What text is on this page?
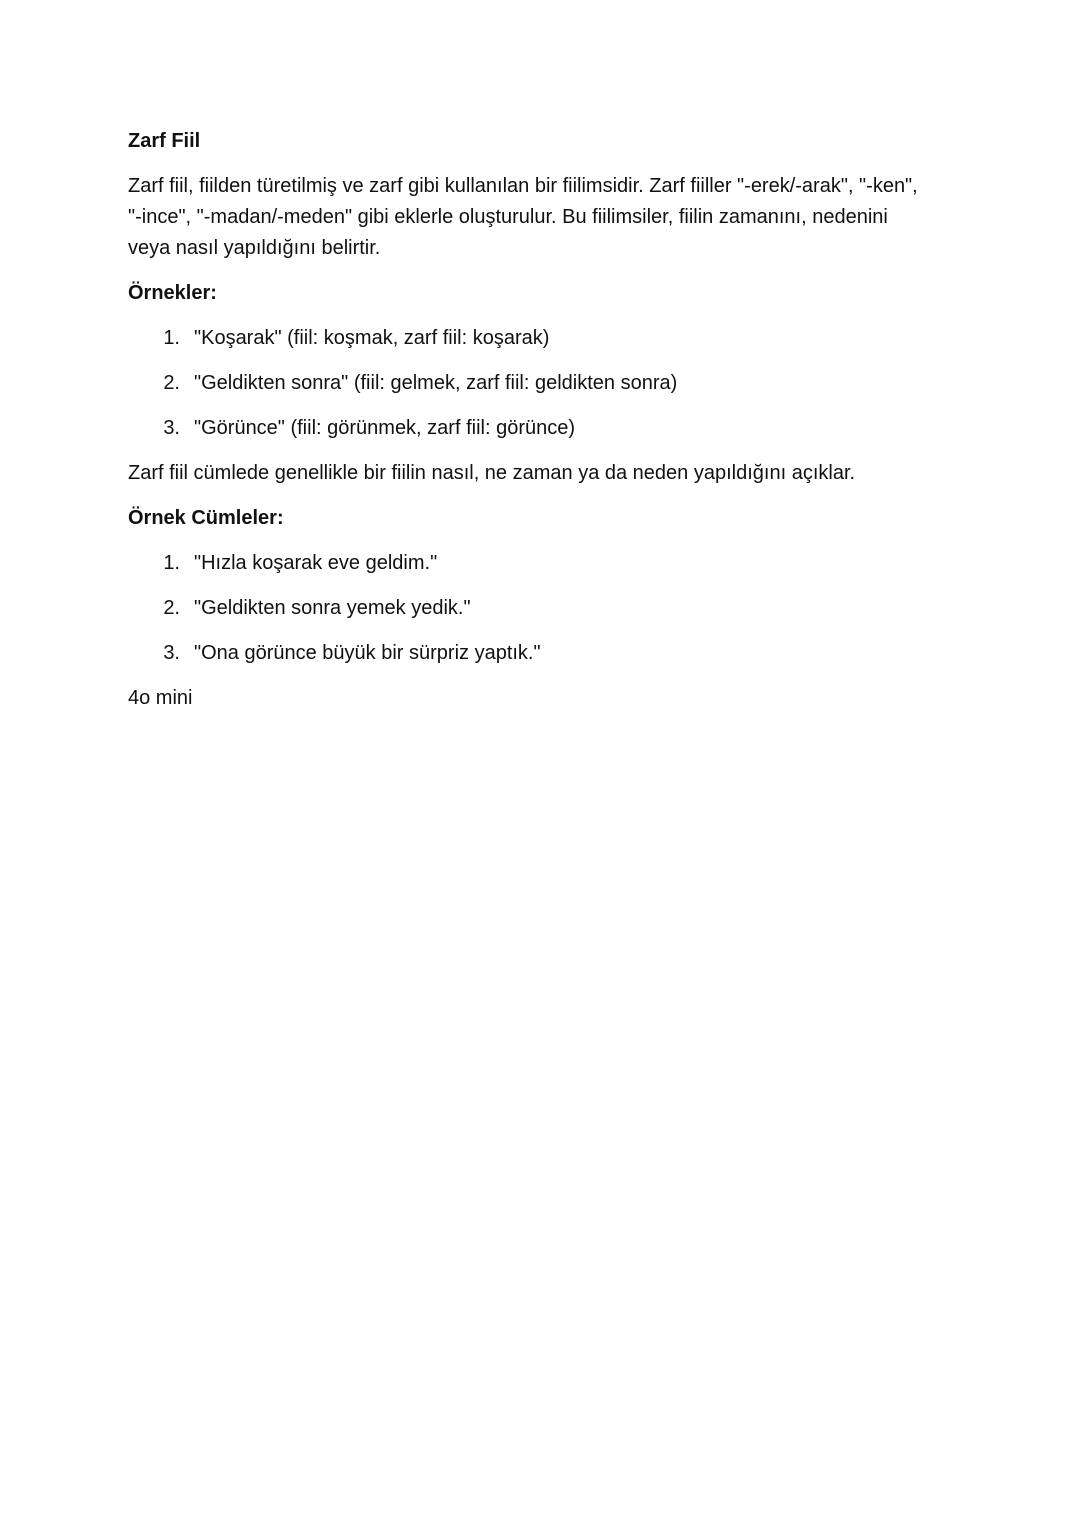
Zarf Fiil
Zarf fiil, fiilden türetilmiş ve zarf gibi kullanılan bir fiilimsidir. Zarf fiiller "-erek/-arak", "-ken", "-ince", "-madan/-meden" gibi eklerle oluşturulur. Bu fiilimsiler, fiilin zamanını, nedenini veya nasıl yapıldığını belirtir.
Örnekler:
1. "Koşarak" (fiil: koşmak, zarf fiil: koşarak)
2. "Geldikten sonra" (fiil: gelmek, zarf fiil: geldikten sonra)
3. "Görünce" (fiil: görünmek, zarf fiil: görünce)
Zarf fiil cümlede genellikle bir fiilin nasıl, ne zaman ya da neden yapıldığını açıklar.
Örnek Cümleler:
1. "Hızla koşarak eve geldim."
2. "Geldikten sonra yemek yedik."
3. "Ona görünce büyük bir sürpriz yaptık."
4o mini
